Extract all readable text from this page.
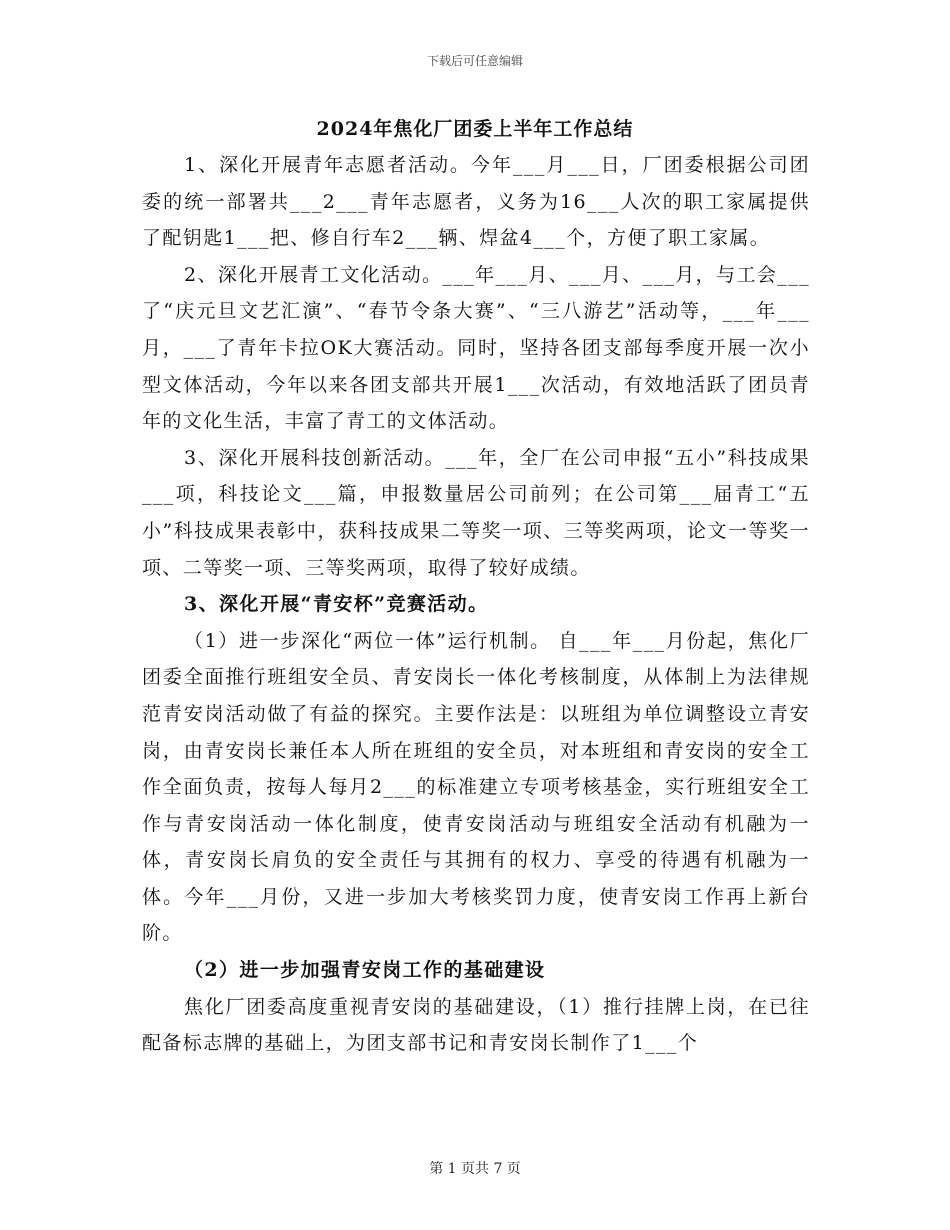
下载后可任意编辑
2024年焦化厂团委上半年工作总结

1、深化开展青年志愿者活动。今年___月___日，厂团委根据公司团委的统一部署共___2___青年志愿者，义务为16___人次的职工家属提供了配钥匙1___把、修自行车2___辆、焊盆4___个，方便了职工家属。

2、深化开展青工文化活动。___年___月、___月、___月，与工会___了“庆元旦文艺汇演”、“春节令条大赛”、“三八游艺”活动等，___年___月，___了青年卡拉OK大赛活动。同时，坚持各团支部每季度开展一次小型文体活动，今年以来各团支部共开展1___次活动，有效地活跃了团员青年的文化生活，丰富了青工的文体活动。

3、深化开展科技创新活动。___年，全厂在公司申报“五小”科技成果___项，科技论文___篇，申报数量居公司前列；在公司第___届青工“五小”科技成果表彰中，获科技成果二等奖一项、三等奖两项，论文一等奖一项、二等奖一项、三等奖两项，取得了较好成绩。

3、深化开展“青安杯”竞赛活动。

（1）进一步深化“两位一体”运行机制。 自___年___月份起，焦化厂团委全面推行班组安全员、青安岗长一体化考核制度，从体制上为法律规范青安岗活动做了有益的探究。主要作法是：以班组为单位调整设立青安岗，由青安岗长兼任本人所在班组的安全员，对本班组和青安岗的安全工作全面负责，按每人每月2___的标准建立专项考核基金，实行班组安全工作与青安岗活动一体化制度，使青安岗活动与班组安全活动有机融为一体，青安岗长肩负的安全责任与其拥有的权力、享受的待遇有机融为一体。今年___月份，又进一步加大考核奖罚力度，使青安岗工作再上新台阶。

（2）进一步加强青安岗工作的基础建设

焦化厂团委高度重视青安岗的基础建设，（1）推行挂牌上岗，在已往配备标志牌的基础上，为团支部书记和青安岗长制作了1___个

第 1 页共 7 页
